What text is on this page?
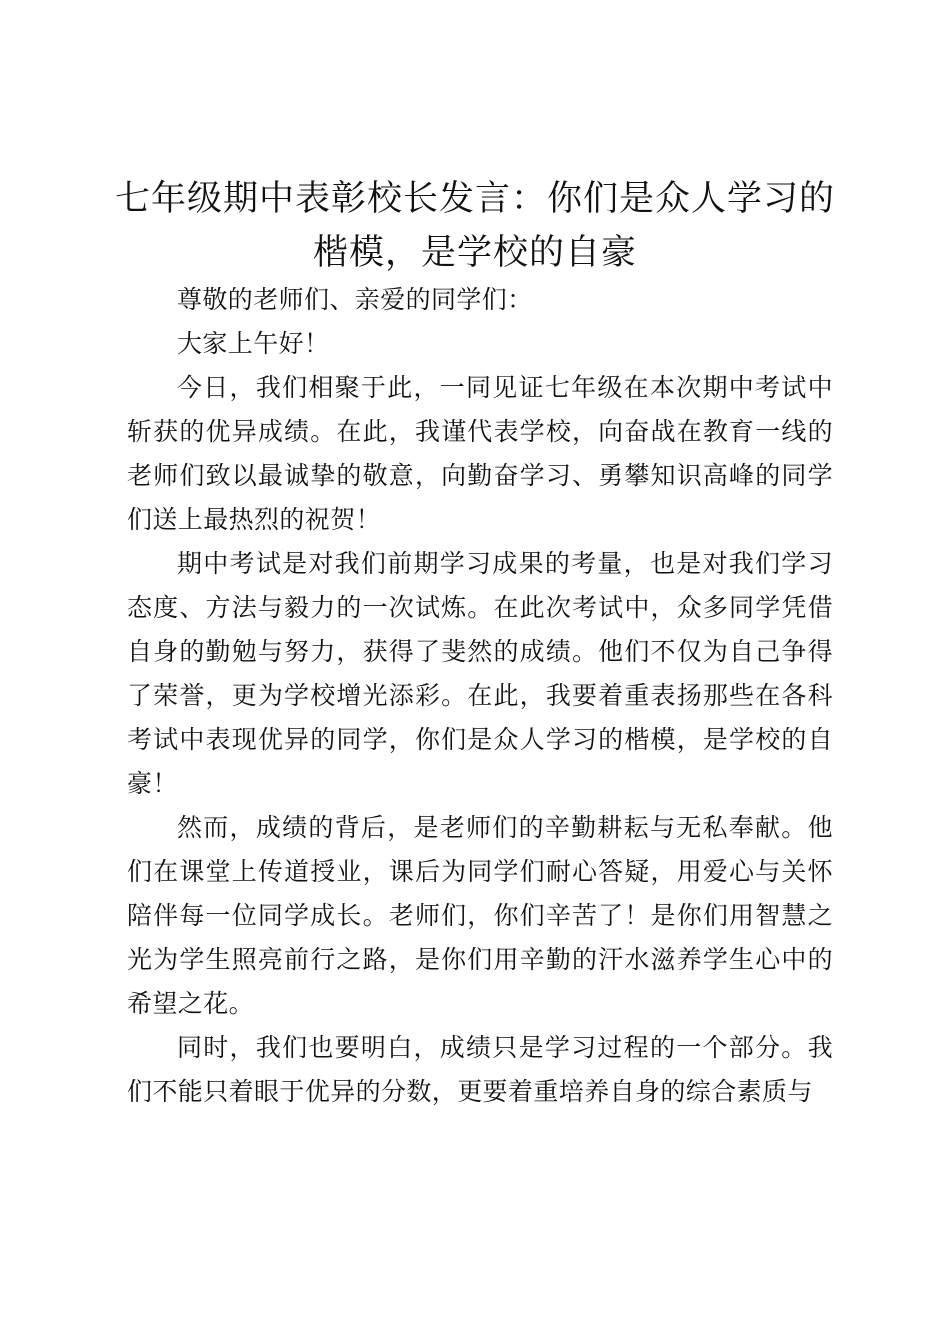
七年级期中表彰校长发言：你们是众人学习的楷模，是学校的自豪

尊敬的老师们、亲爱的同学们：

大家上午好！

今日，我们相聚于此，一同见证七年级在本次期中考试中斩获的优异成绩。在此，我谨代表学校，向奋战在教育一线的老师们致以最诚挚的敬意，向勤奋学习、勇攀知识高峰的同学们送上最热烈的祝贺！

期中考试是对我们前期学习成果的考量，也是对我们学习态度、方法与毅力的一次试炼。在此次考试中，众多同学凭借自身的勤勉与努力，获得了斐然的成绩。他们不仅为自己争得了荣誉，更为学校增光添彩。在此，我要着重表扬那些在各科考试中表现优异的同学，你们是众人学习的楷模，是学校的自豪！

然而，成绩的背后，是老师们的辛勤耕耘与无私奉献。他们在课堂上传道授业，课后为同学们耐心答疑，用爱心与关怀陪伴每一位同学成长。老师们，你们辛苦了！是你们用智慧之光为学生照亮前行之路，是你们用辛勤的汗水滋养学生心中的希望之花。

同时，我们也要明白，成绩只是学习过程的一个部分。我们不能只着眼于优异的分数，更要着重培养自身的综合素质与
